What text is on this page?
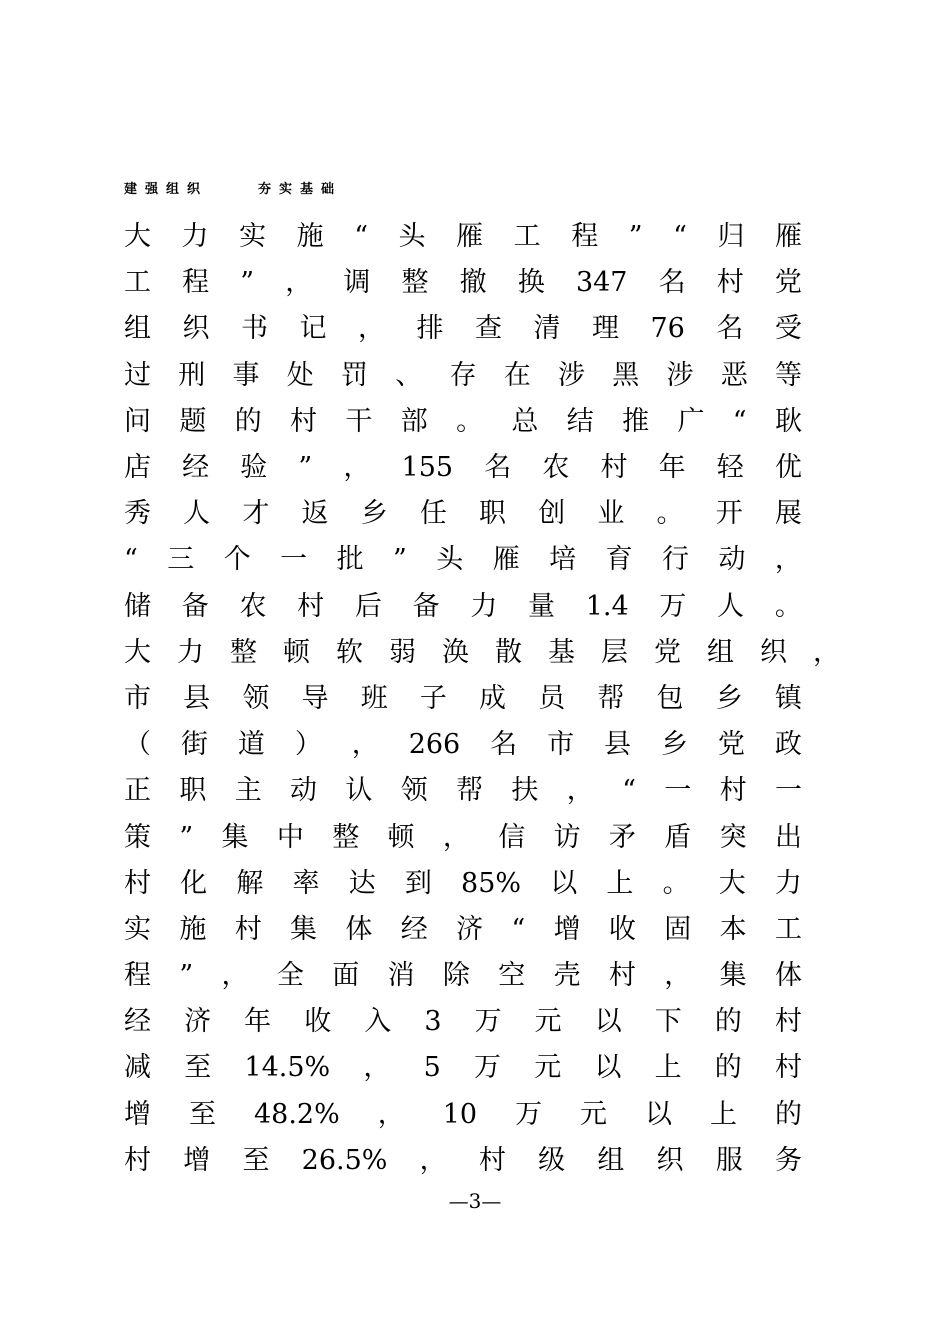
建强组织	夯实基础
大 力 实 施 “ 头 雁 工 程 ” “ 归 雁
工 程 ” ， 调 整 撤 换 347 名 村 党
组 织 书 记 ， 排 查 清 理 76 名 受
过 刑 事 处 罚 、 存 在 涉 黑 涉 恶 等
问 题 的 村 干 部 。 总 结 推 广 “ 耿
店 经 验 ” ， 155 名 农 村 年 轻 优
秀 人 才 返 乡 任 职 创 业 。 开 展
“ 三 个 一 批 ” 头 雁 培 育 行 动 ，
储 备 农 村 后 备 力 量 1.4 万 人 。
大 力 整 顿 软 弱 涣 散 基 层 党 组 织 ，
市 县 领 导 班 子 成 员 帮 包 乡 镇
（ 街 道 ） ， 266 名 市 县 乡 党 政
正 职 主 动 认 领 帮 扶 ， “ 一 村 一
策 ” 集 中 整 顿 ， 信 访 矛 盾 突 出
村 化 解 率 达 到 85% 以 上 。 大 力
实 施 村 集 体 经 济 “ 增 收 固 本 工
程 ” ， 全 面 消 除 空 壳 村 ， 集 体
经 济 年 收 入 3 万 元 以 下 的 村
减 至 14.5% ， 5 万 元 以 上 的 村
增 至 48.2% ， 10 万 元 以 上 的
村 增 至 26.5% ， 村 级 组 织 服 务
—3—
